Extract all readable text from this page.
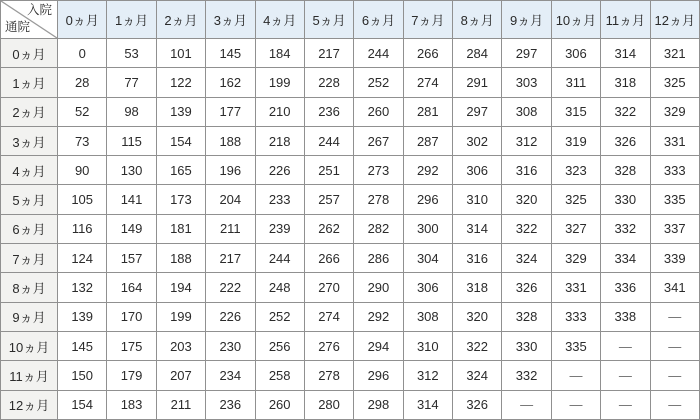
入院
通院	0ヵ月	1ヵ月	2ヵ月	3ヵ月	4ヵ月	5ヵ月	6ヵ月	7ヵ月	8ヵ月	9ヵ月	10ヵ月	11ヵ月	12ヵ月
0ヵ月	0	53	101	145	184	217	244	266	284	297	306	314	321
1ヵ月	28	77	122	162	199	228	252	274	291	303	311	318	325
2ヵ月	52	98	139	177	210	236	260	281	297	308	315	322	329
3ヵ月	73	115	154	188	218	244	267	287	302	312	319	326	331
4ヵ月	90	130	165	196	226	251	273	292	306	316	323	328	333
5ヵ月	105	141	173	204	233	257	278	296	310	320	325	330	335
6ヵ月	116	149	181	211	239	262	282	300	314	322	327	332	337
7ヵ月	124	157	188	217	244	266	286	304	316	324	329	334	339
8ヵ月	132	164	194	222	248	270	290	306	318	326	331	336	341
9ヵ月	139	170	199	226	252	274	292	308	320	328	333	338	—
10ヵ月	145	175	203	230	256	276	294	310	322	330	335	—	—
11ヵ月	150	179	207	234	258	278	296	312	324	332	—	—	—
12ヵ月	154	183	211	236	260	280	298	314	326	—	—	—	—
